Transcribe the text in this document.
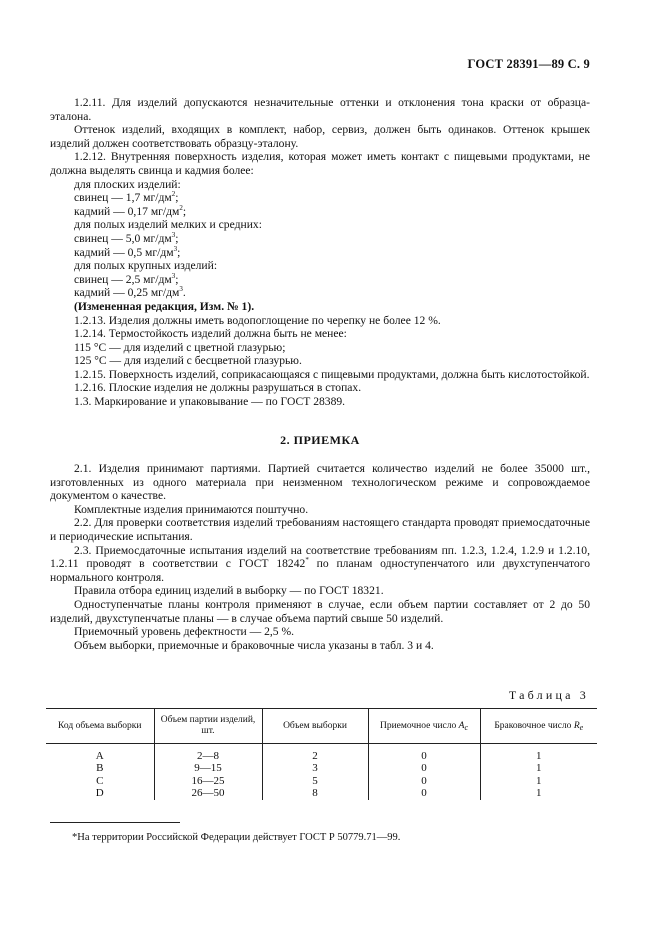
ГОСТ 28391—89 С. 9

1.2.11. Для изделий допускаются незначительные оттенки и отклонения тона краски от образца-эталона.

Оттенок изделий, входящих в комплект, набор, сервиз, должен быть одинаков. Оттенок крышек изделий должен соответствовать образцу-эталону.

1.2.12. Внутренняя поверхность изделия, которая может иметь контакт с пищевыми продуктами, не должна выделять свинца и кадмия более:

для плоских изделий:

свинец — 1,7 $мг/дм^2$;

кадмий — 0,17 $мг/дм^2$;

для полых изделий мелких и средних:

свинец — 5,0 $мг/дм^3$;

кадмий — 0,5 $мг/дм^3$;

для полых крупных изделий:

свинец — 2,5 $мг/дм^3$;

кадмий — 0,25 $мг/дм^3$.

(Измененная редакция, Изм. № 1).

1.2.13. Изделия должны иметь водопоглощение по черепку не более 12 %.

1.2.14. Термостойкость изделий должна быть не менее:

115 °С — для изделий с цветной глазурью;

125 °С — для изделий с бесцветной глазурью.

1.2.15. Поверхность изделий, соприкасающаяся с пищевыми продуктами, должна быть кислотостойкой.

1.2.16. Плоские изделия не должны разрушаться в стопах.

1.3. Маркирование и упаковывание — по ГОСТ 28389.

2. ПРИЕМКА

2.1. Изделия принимают партиями. Партией считается количество изделий не более 35000 шт., изготовленных из одного материала при неизменном технологическом режиме и сопровождаемое документом о качестве.

Комплектные изделия принимаются поштучно.

2.2. Для проверки соответствия изделий требованиям настоящего стандарта проводят приемосдаточные и периодические испытания.

2.3. Приемосдаточные испытания изделий на соответствие требованиям пп. 1.2.3, 1.2.4, 1.2.9 и 1.2.10, 1.2.11 проводят в соответствии с ГОСТ 18242* по планам одноступенчатого или двухступенчатого нормального контроля.

Правила отбора единиц изделий в выборку — по ГОСТ 18321.

Одноступенчатые планы контроля применяют в случае, если объем партии составляет от 2 до 50 изделий, двухступенчатые планы — в случае объема партий свыше 50 изделий.

Приемочный уровень дефектности — 2,5 %.

Объем выборки, приемочные и браковочные числа указаны в табл. 3 и 4.

Таблица 3
Код объема выборки	Объем партии изделий, шт.	Объем выборки	Приемочное число $A_c$	Браковочное число $R_e$
A	2—8	2	0	1
B	9—15	3	0	1
C	16—25	5	0	1
D	26—50	8	0	1
*На территории Российской Федерации действует ГОСТ Р 50779.71—99.
